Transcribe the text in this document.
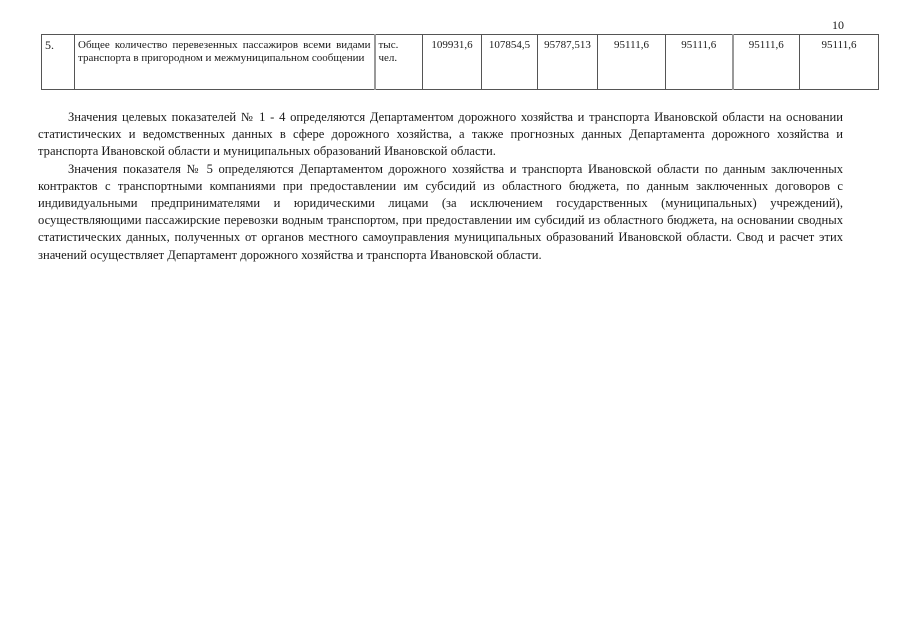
10
5.	Общее количество перевезенных пассажиров всеми видами транспорта в пригородном и межмуниципальном сообщении	тыс. чел.	109931,6	107854,5	95787,513	95111,6	95111,6	95111,6	95111,6

Значения целевых показателей № 1 - 4 определяются Департаментом дорожного хозяйства и транспорта Ивановской области на основании статистических и ведомственных данных в сфере дорожного хозяйства, а также прогнозных данных Департамента дорожного хозяйства и транспорта Ивановской области и муниципальных образований Ивановской области.

Значения показателя № 5 определяются Департаментом дорожного хозяйства и транспорта Ивановской области по данным заключенных контрактов с транспортными компаниями при предоставлении им субсидий из областного бюджета, по данным заключенных договоров с индивидуальными предпринимателями и юридическими лицами (за исключением государственных (муниципальных) учреждений), осуществляющими пассажирские перевозки водным транспортом, при предоставлении им субсидий из областного бюджета, на основании сводных статистических данных, полученных от органов местного самоуправления муниципальных образований Ивановской области. Свод и расчет этих значений осуществляет Департамент дорожного хозяйства и транспорта Ивановской области.
